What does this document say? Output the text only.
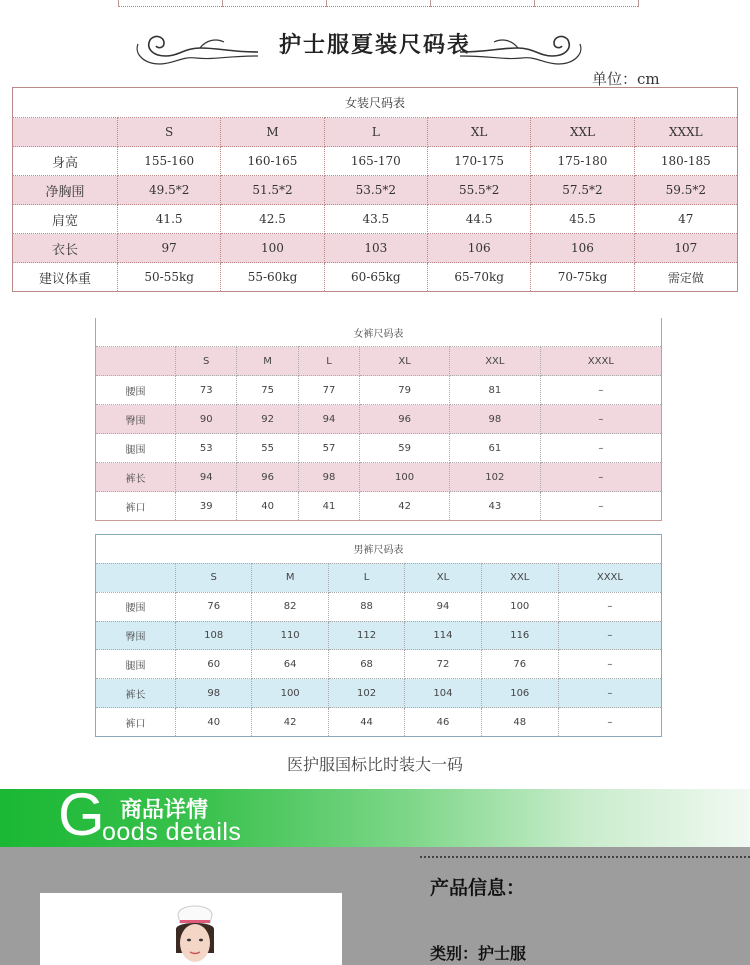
护士服夏装尺码表
单位：cm
女装尺码表						
	S	M	L	XL	XXL	XXXL
身高	155-160	160-165	165-170	170-175	175-180	180-185
净胸围	49.5*2	51.5*2	53.5*2	55.5*2	57.5*2	59.5*2
肩宽	41.5	42.5	43.5	44.5	45.5	47
衣长	97	100	103	106	106	107
建议体重	50-55kg	55-60kg	60-65kg	65-70kg	70-75kg	需定做
女裤尺码表						
	S	M	L	XL	XXL	XXXL
腰围	73	75	77	79	81	–
臀围	90	92	94	96	98	–
腿围	53	55	57	59	61	–
裤长	94	96	98	100	102	–
裤口	39	40	41	42	43	–
男裤尺码表						
	S	M	L	XL	XXL	XXXL
腰围	76	82	88	94	100	–
臀围	108	110	112	114	116	–
腿围	60	64	68	72	76	–
裤长	98	100	102	104	106	–
裤口	40	42	44	46	48	–
医护服国标比时装大一码
G 商品详情
oods details
产品信息：
类别：护士服
